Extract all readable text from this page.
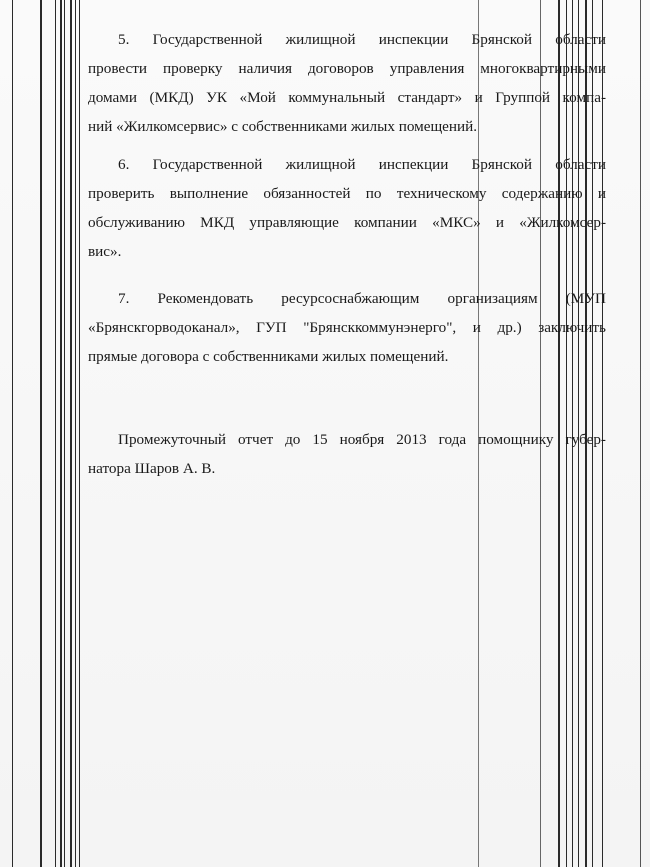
5. Государственной жилищной инспекции Брянской области
провести проверку наличия договоров управления многоквартирными
домами (МКД) УК «Мой коммунальный стандарт» и Группой компа-
ний «Жилкомсервис» с собственниками жилых помещений.
6. Государственной жилищной инспекции Брянской области
проверить выполнение обязанностей по техническому содержанию и
обслуживанию МКД управляющие компании «МКС» и «Жилкомсер-
вис».
7. Рекомендовать ресурсоснабжающим организациям (МУП
«Брянскгорводоканал», ГУП "Брянсккоммунэнерго", и др.) заключить
прямые договора с собственниками жилых помещений.
Промежуточный отчет до 15 ноября 2013 года помощнику губер-
натора Шаров А. В.
